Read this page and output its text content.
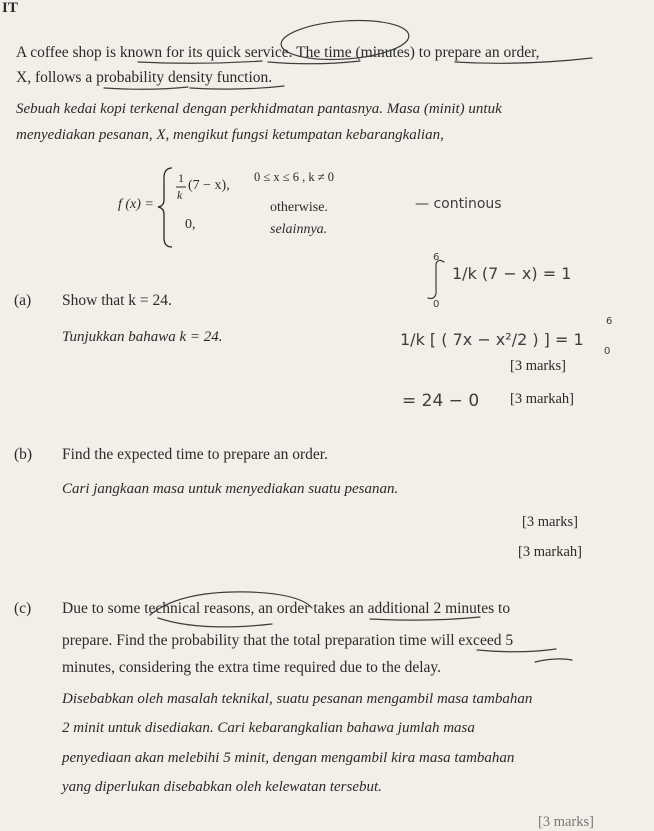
IT
A coffee shop is known for its quick service. The time (minutes) to prepare an order,
X, follows a probability density function.
Sebuah kedai kopi terkenal dengan perkhidmatan pantasnya. Masa (minit) untuk
menyediakan pesanan, X, mengikut fungsi ketumpatan kebarangkalian,
f (x) =
1
k
(7 − x),
0 ≤ x ≤ 6 , k ≠ 0
0,
otherwise.
selainnya.
(a) Show that k = 24.
Tunjukkan bahawa k = 24.
[3 marks]
[3 markah]
(b) Find the expected time to prepare an order.
Cari jangkaan masa untuk menyediakan suatu pesanan.
[3 marks]
[3 markah]
(c) Due to some technical reasons, an order takes an additional 2 minutes to
prepare. Find the probability that the total preparation time will exceed 5
minutes, considering the extra time required due to the delay.
Disebabkan oleh masalah teknikal, suatu pesanan mengambil masa tambahan
2 minit untuk disediakan. Cari kebarangkalian bahawa jumlah masa
penyediaan akan melebihi 5 minit, dengan mengambil kira masa tambahan
yang diperlukan disebabkan oleh kelewatan tersebut.
[3 marks]
— continous
6
0
1/k (7 − x) = 1
1/k [ ( 7x − x²/2 ) ] = 1
6
0
= 24 − 0
